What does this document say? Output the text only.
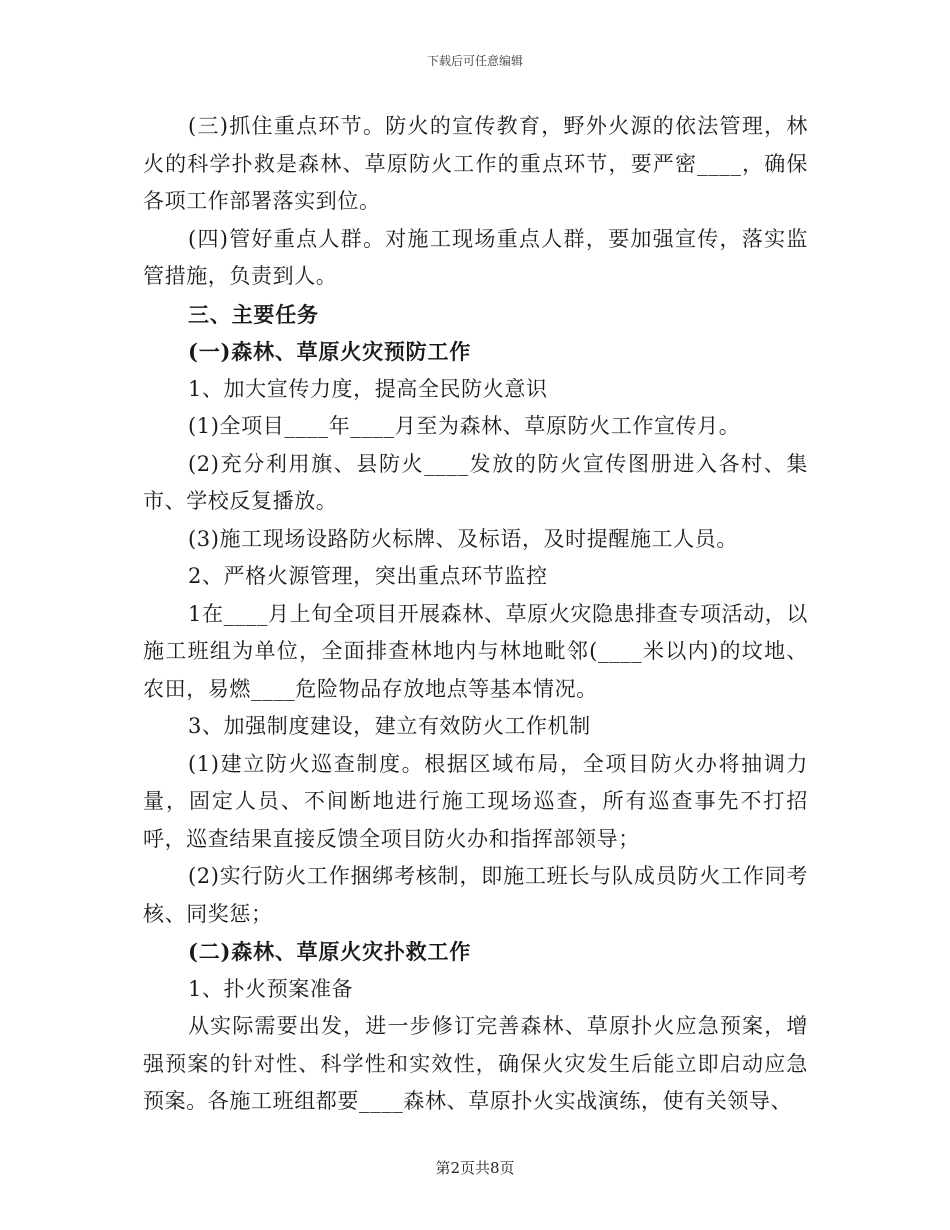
下载后可任意编辑

(三)抓住重点环节。防火的宣传教育，野外火源的依法管理，林火的科学扑救是森林、草原防火工作的重点环节，要严密____，确保各项工作部署落实到位。

(四)管好重点人群。对施工现场重点人群，要加强宣传，落实监管措施，负责到人。

三、主要任务

(一)森林、草原火灾预防工作

1、加大宣传力度，提高全民防火意识

(1)全项目____年____月至为森林、草原防火工作宣传月。

(2)充分利用旗、县防火____发放的防火宣传图册进入各村、集市、学校反复播放。

(3)施工现场设路防火标牌、及标语，及时提醒施工人员。

2、严格火源管理，突出重点环节监控

1在____月上旬全项目开展森林、草原火灾隐患排查专项活动，以施工班组为单位，全面排查林地内与林地毗邻(____米以内)的坟地、农田，易燃____危险物品存放地点等基本情况。

3、加强制度建设，建立有效防火工作机制

(1)建立防火巡查制度。根据区域布局，全项目防火办将抽调力量，固定人员、不间断地进行施工现场巡查，所有巡查事先不打招呼，巡查结果直接反馈全项目防火办和指挥部领导；

(2)实行防火工作捆绑考核制，即施工班长与队成员防火工作同考核、同奖惩；

(二)森林、草原火灾扑救工作

1、扑火预案准备

从实际需要出发，进一步修订完善森林、草原扑火应急预案，增强预案的针对性、科学性和实效性，确保火灾发生后能立即启动应急预案。各施工班组都要____森林、草原扑火实战演练，使有关领导、

第2页共8页
